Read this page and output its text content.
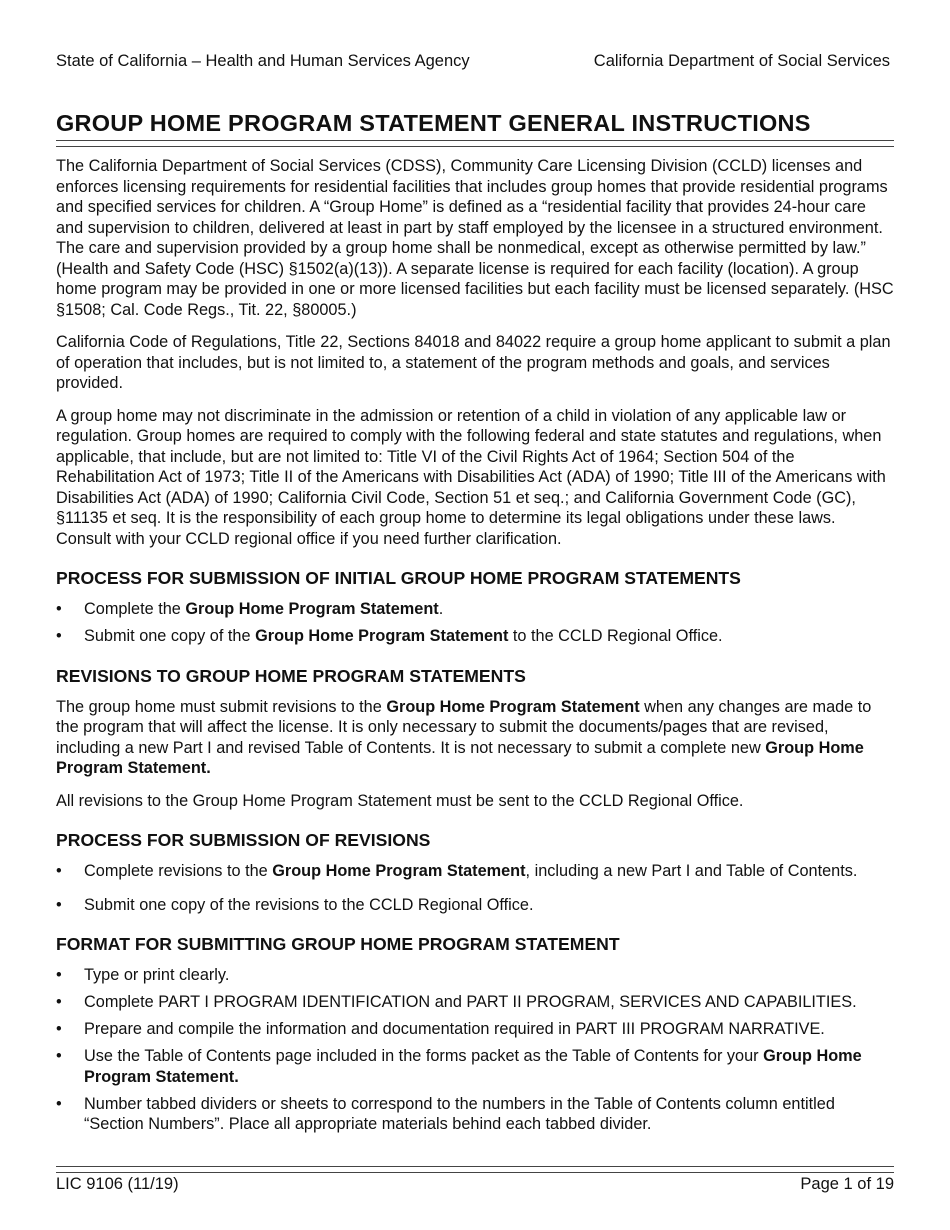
State of California – Health and Human Services Agency	California Department of Social Services
GROUP HOME PROGRAM STATEMENT GENERAL INSTRUCTIONS

The California Department of Social Services (CDSS), Community Care Licensing Division (CCLD) licenses and enforces licensing requirements for residential facilities that includes group homes that provide residential programs and specified services for children. A “Group Home” is defined as a “residential facility that provides 24-hour care and supervision to children, delivered at least in part by staff employed by the licensee in a structured environment. The care and supervision provided by a group home shall be nonmedical, except as otherwise permitted by law.” (Health and Safety Code (HSC) §1502(a)(13)). A separate license is required for each facility (location). A group home program may be provided in one or more licensed facilities but each facility must be licensed separately. (HSC §1508; Cal. Code Regs., Tit. 22, §80005.)

California Code of Regulations, Title 22, Sections 84018 and 84022 require a group home applicant to submit a plan of operation that includes, but is not limited to, a statement of the program methods and goals, and services provided.

A group home may not discriminate in the admission or retention of a child in violation of any applicable law or regulation. Group homes are required to comply with the following federal and state statutes and regulations, when applicable, that include, but are not limited to: Title VI of the Civil Rights Act of 1964; Section 504 of the Rehabilitation Act of 1973; Title II of the Americans with Disabilities Act (ADA) of 1990; Title III of the Americans with Disabilities Act (ADA) of 1990; California Civil Code, Section 51 et seq.; and California Government Code (GC), §11135 et seq. It is the responsibility of each group home to determine its legal obligations under these laws. Consult with your CCLD regional office if you need further clarification.

PROCESS FOR SUBMISSION OF INITIAL GROUP HOME PROGRAM STATEMENTS
• Complete the Group Home Program Statement.
• Submit one copy of the Group Home Program Statement to the CCLD Regional Office.
REVISIONS TO GROUP HOME PROGRAM STATEMENTS

The group home must submit revisions to the Group Home Program Statement when any changes are made to the program that will affect the license. It is only necessary to submit the documents/pages that are revised, including a new Part I and revised Table of Contents. It is not necessary to submit a complete new Group Home Program Statement.

All revisions to the Group Home Program Statement must be sent to the CCLD Regional Office.

PROCESS FOR SUBMISSION OF REVISIONS
• Complete revisions to the Group Home Program Statement, including a new Part I and Table of Contents.
• Submit one copy of the revisions to the CCLD Regional Office.
FORMAT FOR SUBMITTING GROUP HOME PROGRAM STATEMENT
• Type or print clearly.
• Complete PART I PROGRAM IDENTIFICATION and PART II PROGRAM, SERVICES AND CAPABILITIES.
• Prepare and compile the information and documentation required in PART III PROGRAM NARRATIVE.
• Use the Table of Contents page included in the forms packet as the Table of Contents for your Group Home Program Statement.
• Number tabbed dividers or sheets to correspond to the numbers in the Table of Contents column entitled “Section Numbers”. Place all appropriate materials behind each tabbed divider.
LIC 9106 (11/19)	Page 1 of 19
